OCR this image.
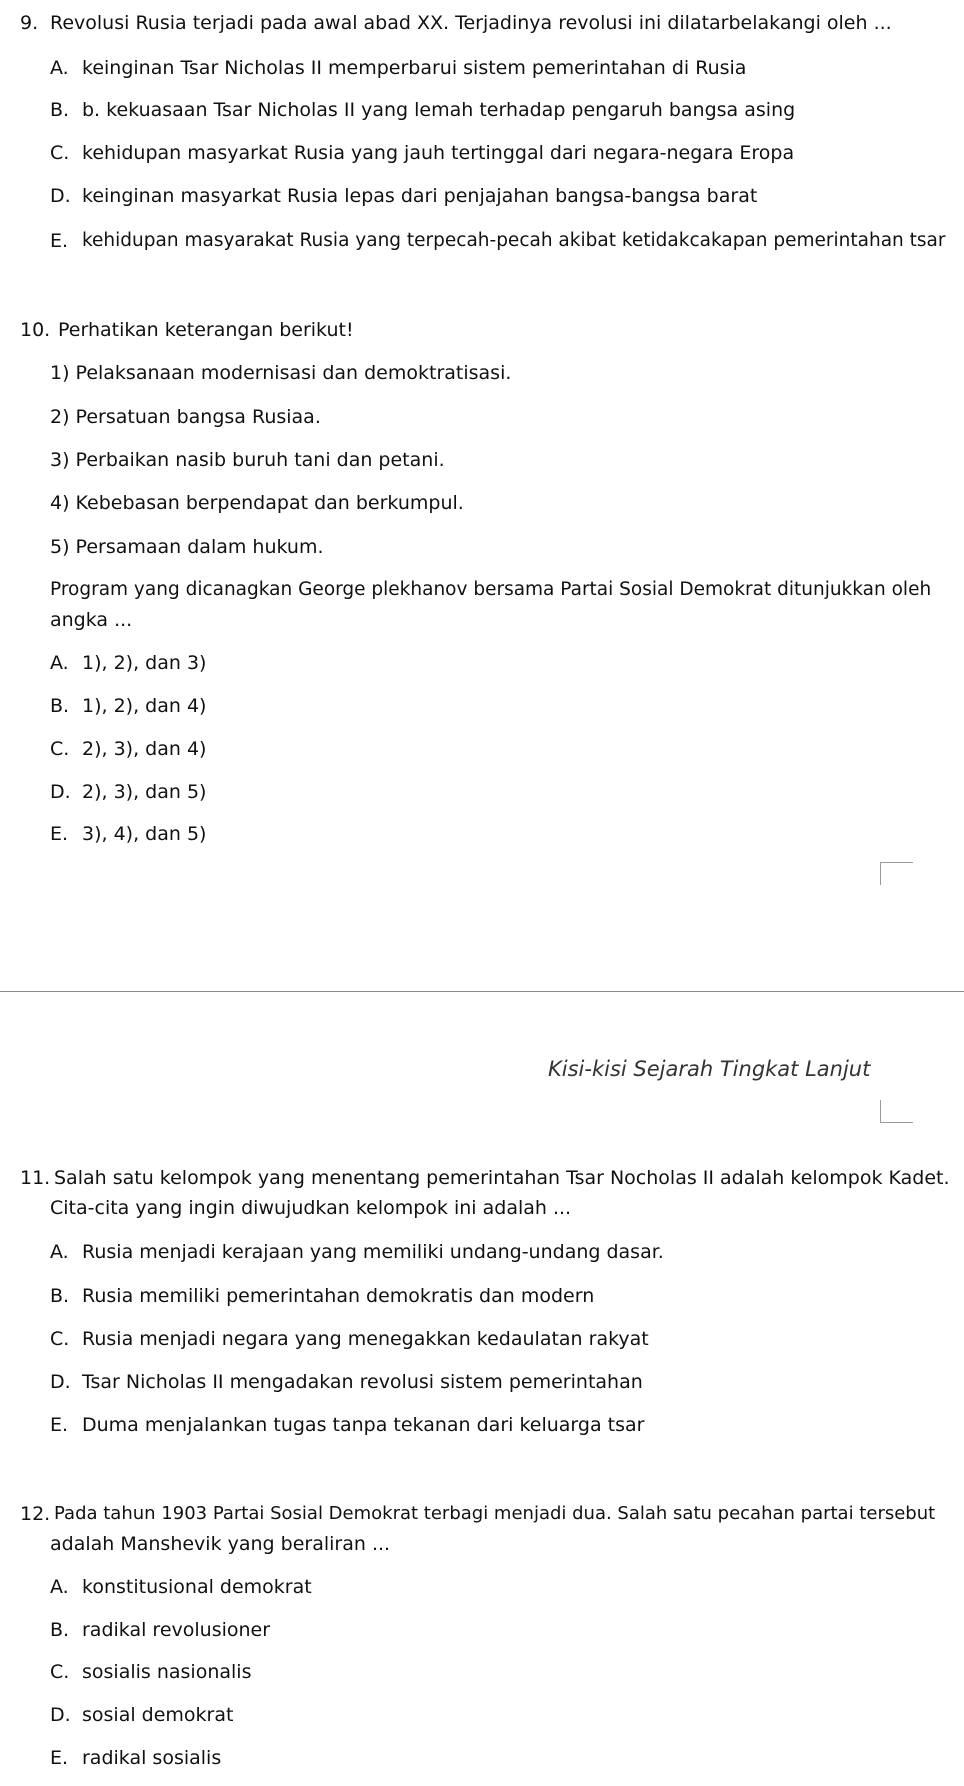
9. Revolusi Rusia terjadi pada awal abad XX. Terjadinya revolusi ini dilatarbelakangi oleh ...
A. keinginan Tsar Nicholas II memperbarui sistem pemerintahan di Rusia
B. b. kekuasaan Tsar Nicholas II yang lemah terhadap pengaruh bangsa asing
C. kehidupan masyarkat Rusia yang jauh tertinggal dari negara-negara Eropa
D. keinginan masyarkat Rusia lepas dari penjajahan bangsa-bangsa barat
E. kehidupan masyarakat Rusia yang terpecah-pecah akibat ketidakcakapan pemerintahan tsar
10. Perhatikan keterangan berikut!
1) Pelaksanaan modernisasi dan demoktratisasi.
2) Persatuan bangsa Rusiaa.
3) Perbaikan nasib buruh tani dan petani.
4) Kebebasan berpendapat dan berkumpul.
5) Persamaan dalam hukum.
Program yang dicanagkan George plekhanov bersama Partai Sosial Demokrat ditunjukkan oleh
angka ...
A. 1), 2), dan 3)
B. 1), 2), dan 4)
C. 2), 3), dan 4)
D. 2), 3), dan 5)
E. 3), 4), dan 5)
Kisi-kisi Sejarah Tingkat Lanjut
11. Salah satu kelompok yang menentang pemerintahan Tsar Nocholas II adalah kelompok Kadet.
Cita-cita yang ingin diwujudkan kelompok ini adalah ...
A. Rusia menjadi kerajaan yang memiliki undang-undang dasar.
B. Rusia memiliki pemerintahan demokratis dan modern
C. Rusia menjadi negara yang menegakkan kedaulatan rakyat
D. Tsar Nicholas II mengadakan revolusi sistem pemerintahan
E. Duma menjalankan tugas tanpa tekanan dari keluarga tsar
12. Pada tahun 1903 Partai Sosial Demokrat terbagi menjadi dua. Salah satu pecahan partai tersebut
adalah Manshevik yang beraliran ...
A. konstitusional demokrat
B. radikal revolusioner
C. sosialis nasionalis
D. sosial demokrat
E. radikal sosialis
